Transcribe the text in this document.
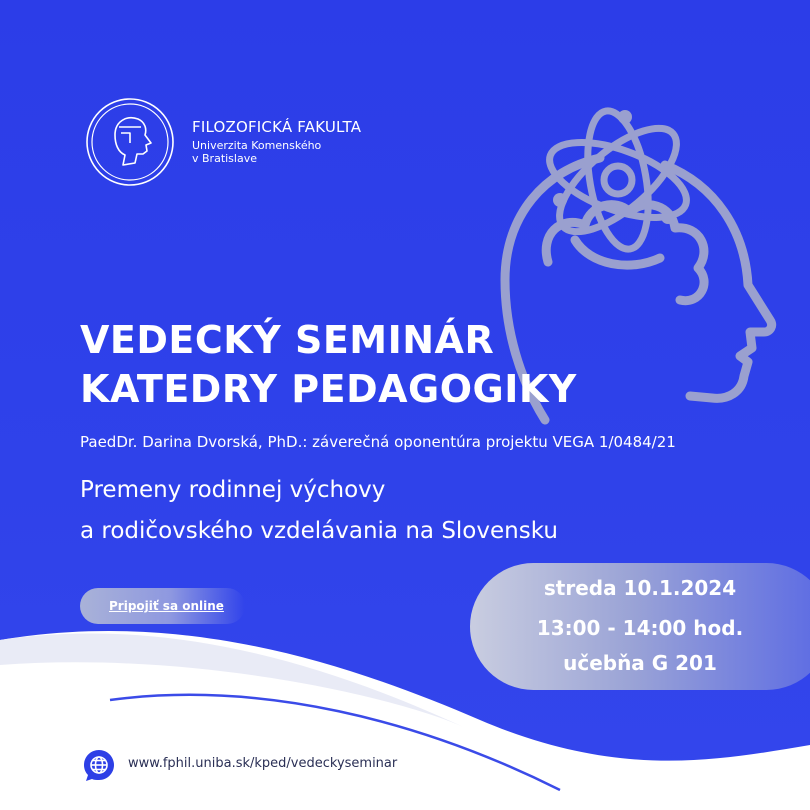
FILOZOFICKÁ FAKULTA
Univerzita Komenského
v Bratislave
VEDECKÝ SEMINÁR
KATEDRY PEDAGOGIKY
PaedDr. Darina Dvorská, PhD.: záverečná oponentúra projektu VEGA 1/0484/21
Premeny rodinnej výchovy
a rodičovského vzdelávania na Slovensku
Pripojiť sa online
streda 10.1.2024
13:00 - 14:00 hod.
učebňa G 201
www.fphil.uniba.sk/kped/vedeckyseminar
